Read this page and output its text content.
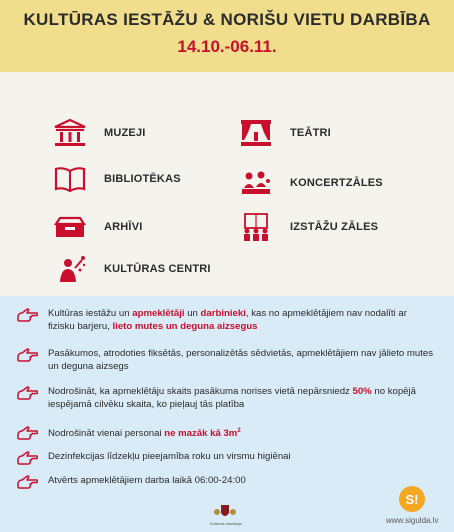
KULTŪRAS IESTĀŽU & NORIŠU VIETU DARBĪBA
14.10.-06.11.
MUZEJI	TEĀTRI
BIBLIOTĒKAS	KONCERTZĀLES
ARHĪVI	IZSTĀŽU ZĀLES
KULTŪRAS CENTRI
Kultūras iestāžu un apmeklētāji un darbinieki, kas no apmeklētājiem nav nodalīti ar fizisku barjeru, lieto mutes un deguna aizsegus
Pasākumos, atrodoties fiksētās, personalizētās sēdvietās, apmeklētājiem nav jālieto mutes un deguna aizsegs
Nodrošināt, ka apmeklētāju skaits pasākuma norises vietā nepārsniedz 50% no kopējā iespējamā cilvēku skaita, ko pieļauj tās platība
Nodrošināt vienai personai ne mazāk kā $3m^2$
Dezinfekcijas līdzekļu pieejamība roku un virsmu higiēnai
Atvērts apmeklētājiem darba laikā 06:00-24:00
Kultūras ministrija
S!
www.sigulda.lv
